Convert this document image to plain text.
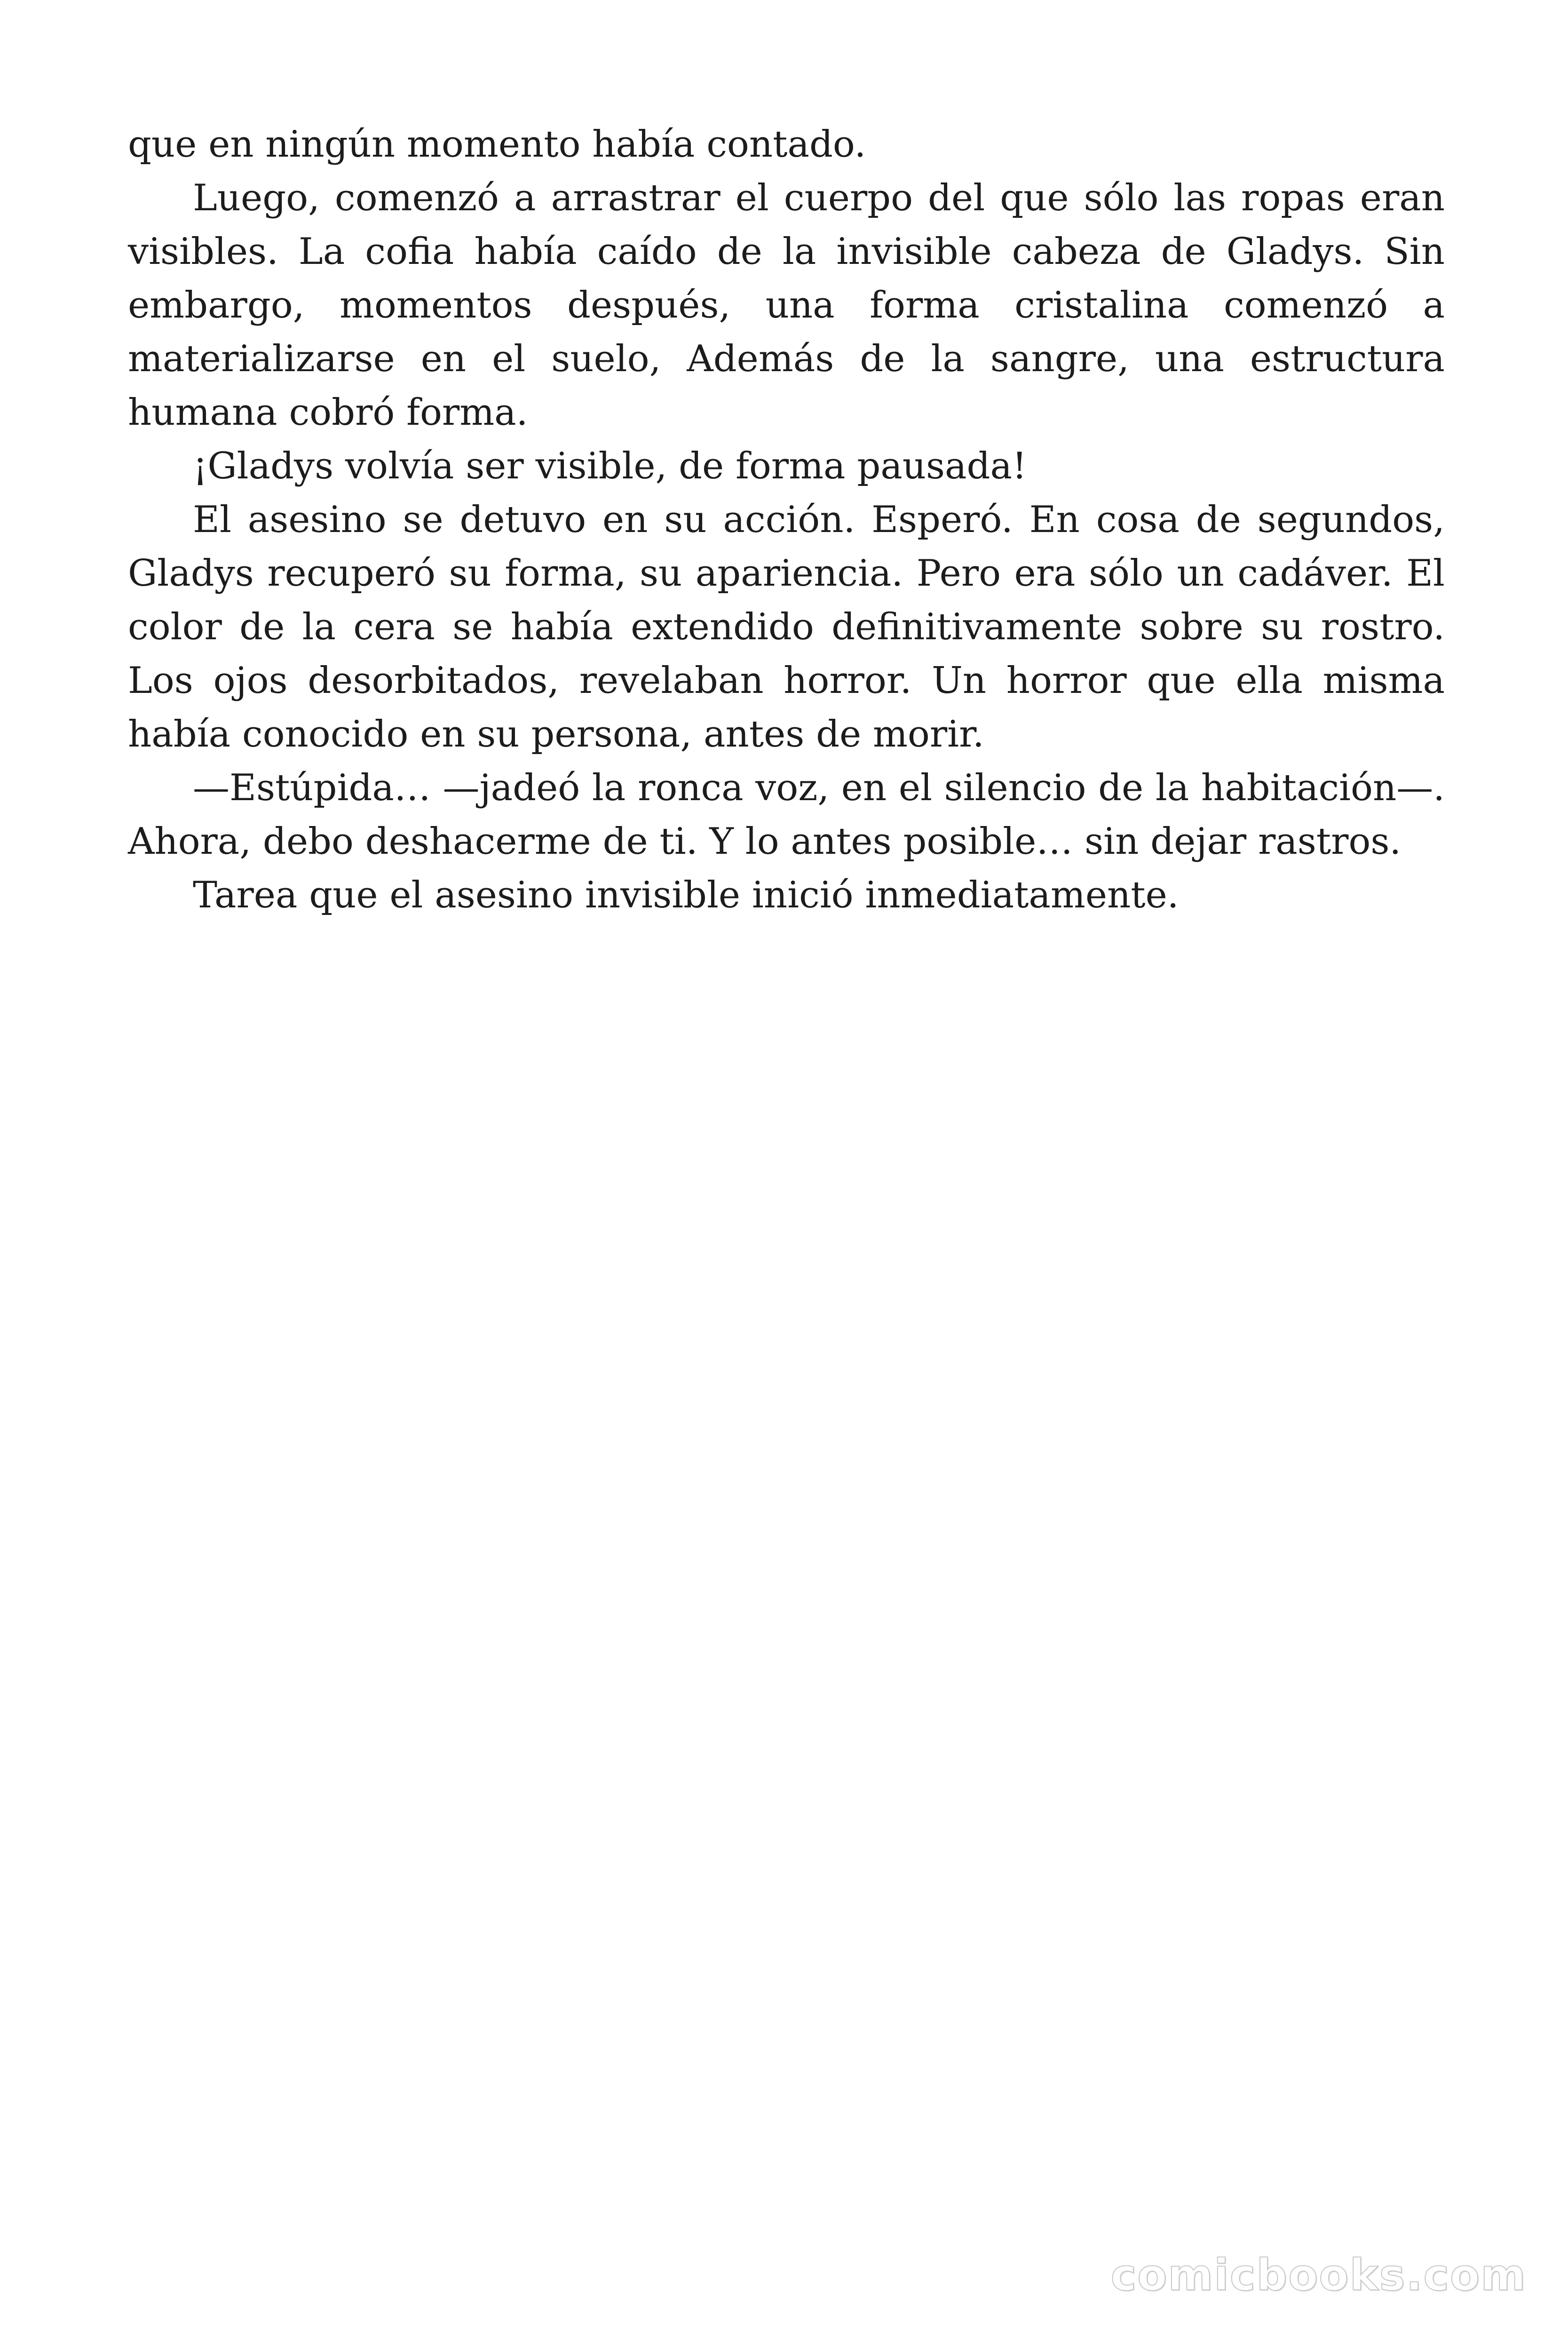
que en ningún momento había contado.

Luego, comenzó a arrastrar el cuerpo del que sólo las ropas eran visibles. La cofia había caído de la invisible cabeza de Gladys. Sin embargo, momentos después, una forma cristalina comenzó a materializarse en el suelo, Además de la sangre, una estructura humana cobró forma.

¡Gladys volvía ser visible, de forma pausada!

El asesino se detuvo en su acción. Esperó. En cosa de segundos, Gladys recuperó su forma, su apariencia. Pero era sólo un cadáver. El color de la cera se había extendido definitivamente sobre su rostro. Los ojos desorbitados, revelaban horror. Un horror que ella misma había conocido en su persona, antes de morir.

—Estúpida… —jadeó la ronca voz, en el silencio de la habitación—. Ahora, debo deshacerme de ti. Y lo antes posible… sin dejar rastros.

Tarea que el asesino invisible inició inmediatamente.

comicbooks.com
